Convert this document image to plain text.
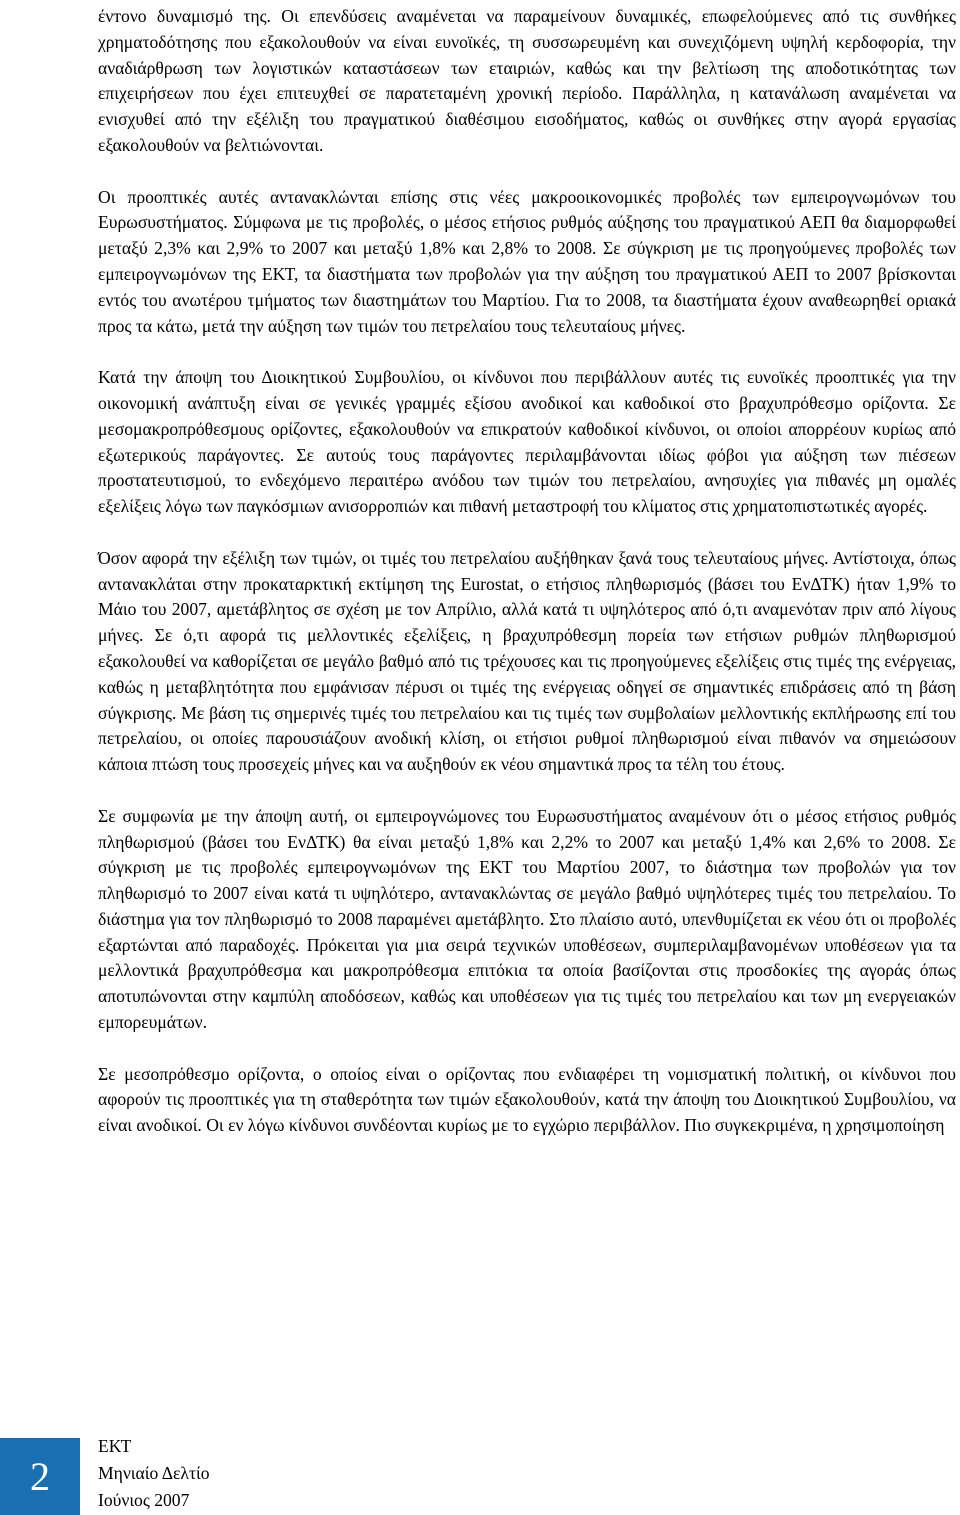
ένтονο δυναμισμό της. Οι επενδύσεις αναμένεται να παραμείνουν δυναμικές, επωφελούμενες από τις συνθήκες χρηματοδότησης που εξακολουθούν να είναι ευνοϊκές, τη συσσωρευμένη και συνεχιζόμενη υψηλή κερδοφορία, την αναδιάρθρωση των λογιστικών καταστάσεων των εταιριών, καθώς και την βελτίωση της αποδοτικότητας των επιχειρήσεων που έχει επιτευχθεί σε παρατεταμένη χρονική περίοδο. Παράλληλα, η κατανάλωση αναμένεται να ενισχυθεί από την εξέλιξη του πραγματικού διαθέσιμου εισοδήματος, καθώς οι συνθήκες στην αγορά εργασίας εξακολουθούν να βελτιώνονται.

Οι προοπτικές αυτές αντανακλώνται επίσης στις νέες μακροοικονομικές προβολές των εμπειρογνωμόνων του Ευρωσυστήματος. Σύμφωνα με τις προβολές, ο μέσος ετήσιος ρυθμός αύξησης του πραγματικού ΑΕΠ θα διαμορφωθεί μεταξύ 2,3% και 2,9% το 2007 και μεταξύ 1,8% και 2,8% το 2008. Σε σύγκριση με τις προηγούμενες προβολές των εμπειρογνωμόνων της ΕΚΤ, τα διαστήματα των προβολών για την αύξηση του πραγματικού ΑΕΠ το 2007 βρίσκονται εντός του ανωτέρου τμήματος των διαστημάτων του Μαρτίου. Για το 2008, τα διαστήματα έχουν αναθεωρηθεί οριακά προς τα κάτω, μετά την αύξηση των τιμών του πετρελαίου τους τελευταίους μήνες.

Κατά την άποψη του Διοικητικού Συμβουλίου, οι κίνδυνοι που περιβάλλουν αυτές τις ευνοϊκές προοπτικές για την οικονομική ανάπτυξη είναι σε γενικές γραμμές εξίσου ανοδικοί και καθοδικοί στο βραχυπρόθεσμο ορίζοντα. Σε μεσομακροπρόθεσμους ορίζοντες, εξακολουθούν να επικρατούν καθοδικοί κίνδυνοι, οι οποίοι απορρέουν κυρίως από εξωτερικούς παράγοντες. Σε αυτούς τους παράγοντες περιλαμβάνονται ιδίως φόβοι για αύξηση των πιέσεων προστατευτισμού, το ενδεχόμενο περαιτέρω ανόδου των τιμών του πετρελαίου, ανησυχίες για πιθανές μη ομαλές εξελίξεις λόγω των παγκόσμιων ανισορροπιών και πιθανή μεταστροφή του κλίματος στις χρηματοπιστωτικές αγορές.

Όσον αφορά την εξέλιξη των τιμών, οι τιμές του πετρελαίου αυξήθηκαν ξανά τους τελευταίους μήνες. Αντίστοιχα, όπως αντανακλάται στην προκαταρκτική εκτίμηση της Eurostat, ο ετήσιος πληθωρισμός (βάσει του ΕνΔΤΚ) ήταν 1,9% το Μάιο του 2007, αμετάβλητος σε σχέση με τον Απρίλιο, αλλά κατά τι υψηλότερος από ό,τι αναμενόταν πριν από λίγους μήνες. Σε ό,τι αφορά τις μελλοντικές εξελίξεις, η βραχυπρόθεσμη πορεία των ετήσιων ρυθμών πληθωρισμού εξακολουθεί να καθορίζεται σε μεγάλο βαθμό από τις τρέχουσες και τις προηγούμενες εξελίξεις στις τιμές της ενέργειας, καθώς η μεταβλητότητα που εμφάνισαν πέρυσι οι τιμές της ενέργειας οδηγεί σε σημαντικές επιδράσεις από τη βάση σύγκρισης. Με βάση τις σημερινές τιμές του πετρελαίου και τις τιμές των συμβολαίων μελλοντικής εκπλήρωσης επί του πετρελαίου, οι οποίες παρουσιάζουν ανοδική κλίση, οι ετήσιοι ρυθμοί πληθωρισμού είναι πιθανόν να σημειώσουν κάποια πτώση τους προσεχείς μήνες και να αυξηθούν εκ νέου σημαντικά προς τα τέλη του έτους.

Σε συμφωνία με την άποψη αυτή, οι εμπειρογνώμονες του Ευρωσυστήματος αναμένουν ότι ο μέσος ετήσιος ρυθμός πληθωρισμού (βάσει του ΕνΔΤΚ) θα είναι μεταξύ 1,8% και 2,2% το 2007 και μεταξύ 1,4% και 2,6% το 2008. Σε σύγκριση με τις προβολές εμπειρογνωμόνων της ΕΚΤ του Μαρτίου 2007, το διάστημα των προβολών για τον πληθωρισμό το 2007 είναι κατά τι υψηλότερο, αντανακλώντας σε μεγάλο βαθμό υψηλότερες τιμές του πετρελαίου. Το διάστημα για τον πληθωρισμό το 2008 παραμένει αμετάβλητο. Στο πλαίσιο αυτό, υπενθυμίζεται εκ νέου ότι οι προβολές εξαρτώνται από παραδοχές. Πρόκειται για μια σειρά τεχνικών υποθέσεων, συμπεριλαμβανομένων υποθέσεων για τα μελλοντικά βραχυπρόθεσμα και μακροπρόθεσμα επιτόκια τα οποία βασίζονται στις προσδοκίες της αγοράς όπως αποτυπώνονται στην καμπύλη αποδόσεων, καθώς και υποθέσεων για τις τιμές του πετρελαίου και των μη ενεργειακών εμπορευμάτων.

Σε μεσοπρόθεσμο ορίζοντα, ο οποίος είναι ο ορίζοντας που ενδιαφέρει τη νομισματική πολιτική, οι κίνδυνοι που αφορούν τις προοπτικές για τη σταθερότητα των τιμών εξακολουθούν, κατά την άποψη του Διοικητικού Συμβουλίου, να είναι ανοδικοί. Οι εν λόγω κίνδυνοι συνδέονται κυρίως με το εγχώριο περιβάλλον. Πιο συγκεκριμένα, η χρησιμοποίηση

2
ΕΚΤ
Μηνιαίο Δελτίο
Ιούνιος 2007
